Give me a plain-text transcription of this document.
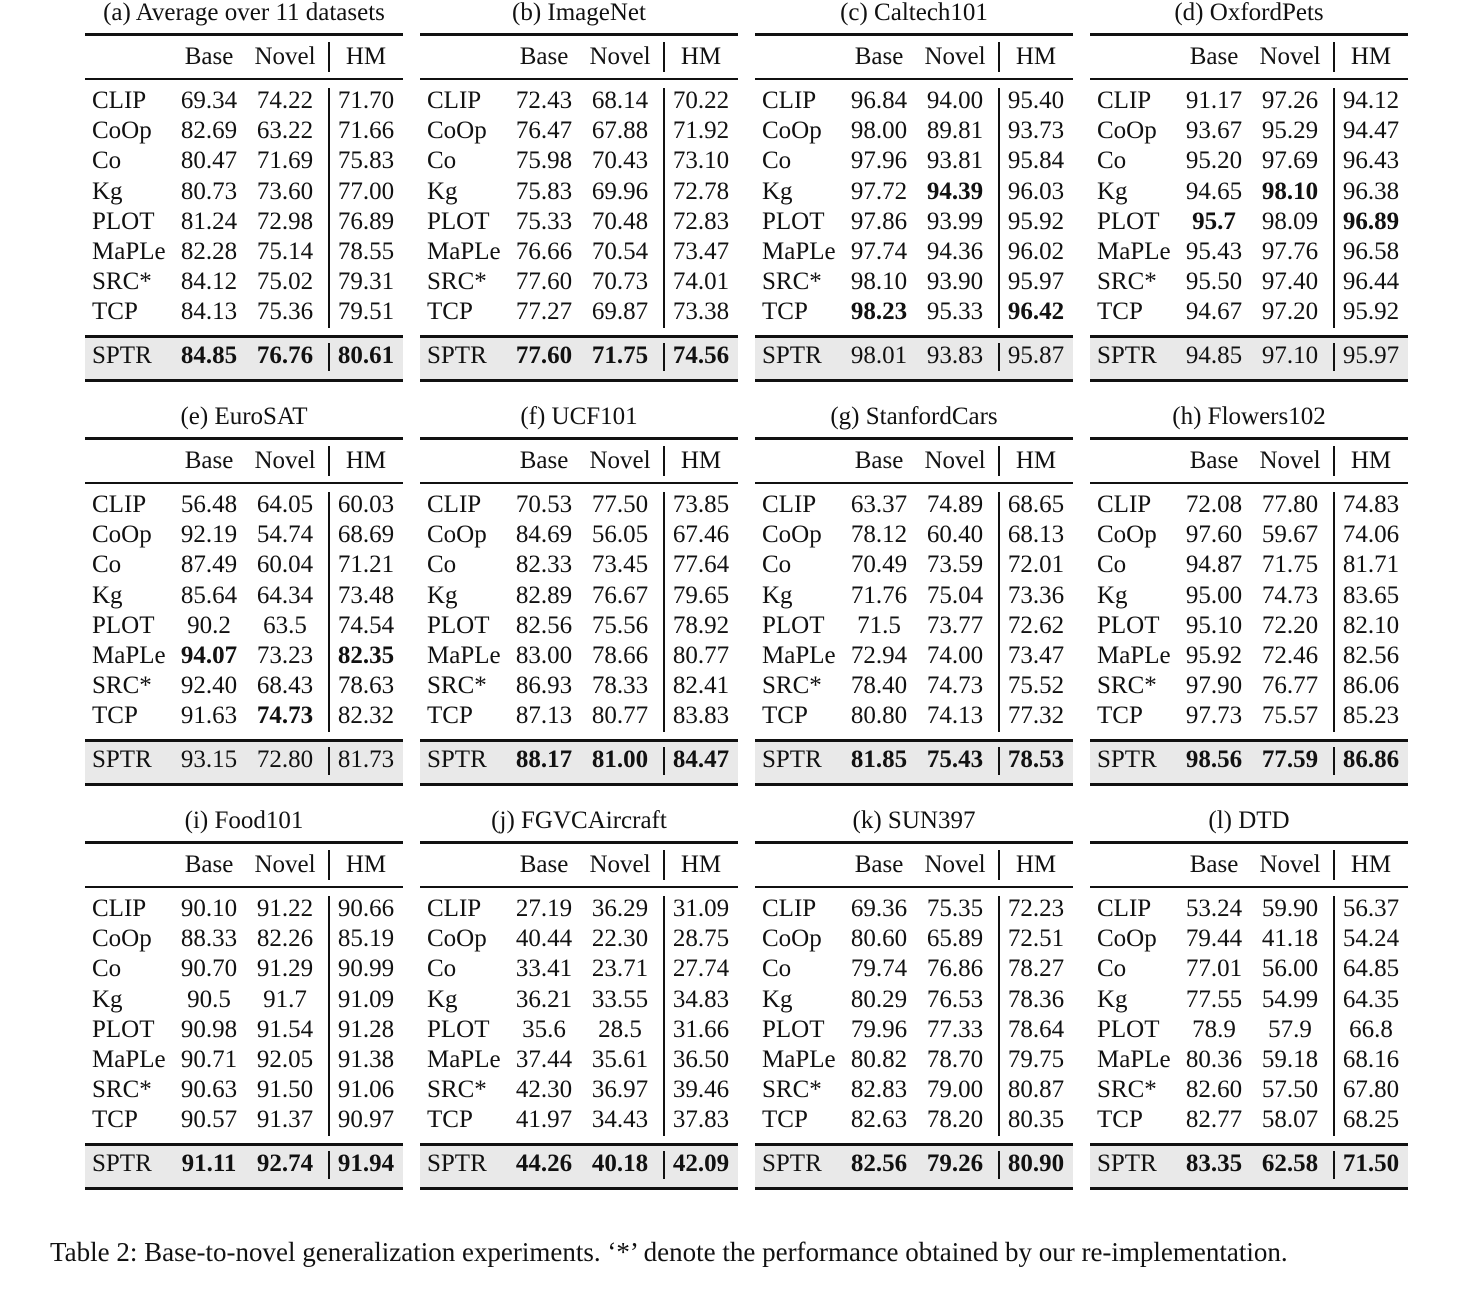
(a) Average over 11 datasets
Base Novel	HM
CLIP	69.34 74.22 71.70
CoOp	82.69 63.22 71.66
Co	80.47 71.69 75.83
Kg	80.73 73.60 77.00
PLOT	81.24 72.98 76.89
MaPLe 82.28 75.14 78.55
SRC*	84.12 75.02 79.31
TCP	84.13 75.36 79.51
SPTR	84.85 76.76 80.61
(b) ImageNet
Base Novel	HM
CLIP	72.43 68.14 70.22
CoOp	76.47 67.88 71.92
Co	75.98 70.43 73.10
Kg	75.83 69.96 72.78
PLOT	75.33 70.48 72.83
MaPLe 76.66 70.54 73.47
SRC*	77.60 70.73 74.01
TCP	77.27 69.87 73.38
SPTR	77.60 71.75 74.56
(c) Caltech101
Base Novel	HM
CLIP	96.84 94.00 95.40
CoOp	98.00 89.81 93.73
Co	97.96 93.81 95.84
Kg	97.72 94.39 96.03
PLOT	97.86 93.99 95.92
MaPLe 97.74 94.36 96.02
SRC*	98.10 93.90 95.97
TCP	98.23 95.33 96.42
SPTR	98.01 93.83 95.87
(d) OxfordPets
Base Novel	HM
CLIP	91.17 97.26 94.12
CoOp	93.67 95.29 94.47
Co	95.20 97.69 96.43
Kg	94.65 98.10 96.38
PLOT	95.7	98.09 96.89
MaPLe 95.43 97.76 96.58
SRC*	95.50 97.40 96.44
TCP	94.67 97.20 95.92
SPTR	94.85 97.10 95.97
(e) EuroSAT
Base Novel	HM
CLIP	56.48 64.05 60.03
CoOp	92.19 54.74 68.69
Co	87.49 60.04 71.21
Kg	85.64 64.34 73.48
PLOT	90.2	63.5	74.54
MaPLe 94.07 73.23 82.35
SRC*	92.40 68.43 78.63
TCP	91.63 74.73 82.32
SPTR	93.15 72.80 81.73
(f) UCF101
Base Novel	HM
CLIP	70.53 77.50 73.85
CoOp	84.69 56.05 67.46
Co	82.33 73.45 77.64
Kg	82.89 76.67 79.65
PLOT	82.56 75.56 78.92
MaPLe 83.00 78.66 80.77
SRC*	86.93 78.33 82.41
TCP	87.13 80.77 83.83
SPTR	88.17 81.00 84.47
(g) StanfordCars
Base Novel	HM
CLIP	63.37 74.89 68.65
CoOp	78.12 60.40 68.13
Co	70.49 73.59 72.01
Kg	71.76 75.04 73.36
PLOT	71.5	73.77 72.62
MaPLe 72.94 74.00 73.47
SRC*	78.40 74.73 75.52
TCP	80.80 74.13 77.32
SPTR	81.85 75.43 78.53
(h) Flowers102
Base Novel	HM
CLIP	72.08 77.80 74.83
CoOp	97.60 59.67 74.06
Co	94.87 71.75 81.71
Kg	95.00 74.73 83.65
PLOT	95.10 72.20 82.10
MaPLe 95.92 72.46 82.56
SRC*	97.90 76.77 86.06
TCP	97.73 75.57 85.23
SPTR	98.56 77.59 86.86
(i) Food101
Base Novel	HM
CLIP	90.10 91.22 90.66
CoOp	88.33 82.26 85.19
Co	90.70 91.29 90.99
Kg	90.5	91.7	91.09
PLOT	90.98 91.54 91.28
MaPLe 90.71 92.05 91.38
SRC*	90.63 91.50 91.06
TCP	90.57 91.37 90.97
SPTR	91.11 92.74 91.94
(j) FGVCAircraft
Base Novel	HM
CLIP	27.19 36.29 31.09
CoOp	40.44 22.30 28.75
Co	33.41 23.71 27.74
Kg	36.21 33.55 34.83
PLOT	35.6	28.5	31.66
MaPLe 37.44 35.61 36.50
SRC*	42.30 36.97 39.46
TCP	41.97 34.43 37.83
SPTR	44.26 40.18 42.09
(k) SUN397
Base Novel	HM
CLIP	69.36 75.35 72.23
CoOp	80.60 65.89 72.51
Co	79.74 76.86 78.27
Kg	80.29 76.53 78.36
PLOT	79.96 77.33 78.64
MaPLe 80.82 78.70 79.75
SRC*	82.83 79.00 80.87
TCP	82.63 78.20 80.35
SPTR	82.56 79.26 80.90
(l) DTD
Base Novel	HM
CLIP	53.24 59.90 56.37
CoOp	79.44 41.18 54.24
Co	77.01 56.00 64.85
Kg	77.55 54.99 64.35
PLOT	78.9	57.9	66.8
MaPLe 80.36 59.18 68.16
SRC*	82.60 57.50 67.80
TCP	82.77 58.07 68.25
SPTR	83.35 62.58 71.50
Table 2: Base-to-novel generalization experiments. ‘*’ denote the performance obtained by our re-implementation.
